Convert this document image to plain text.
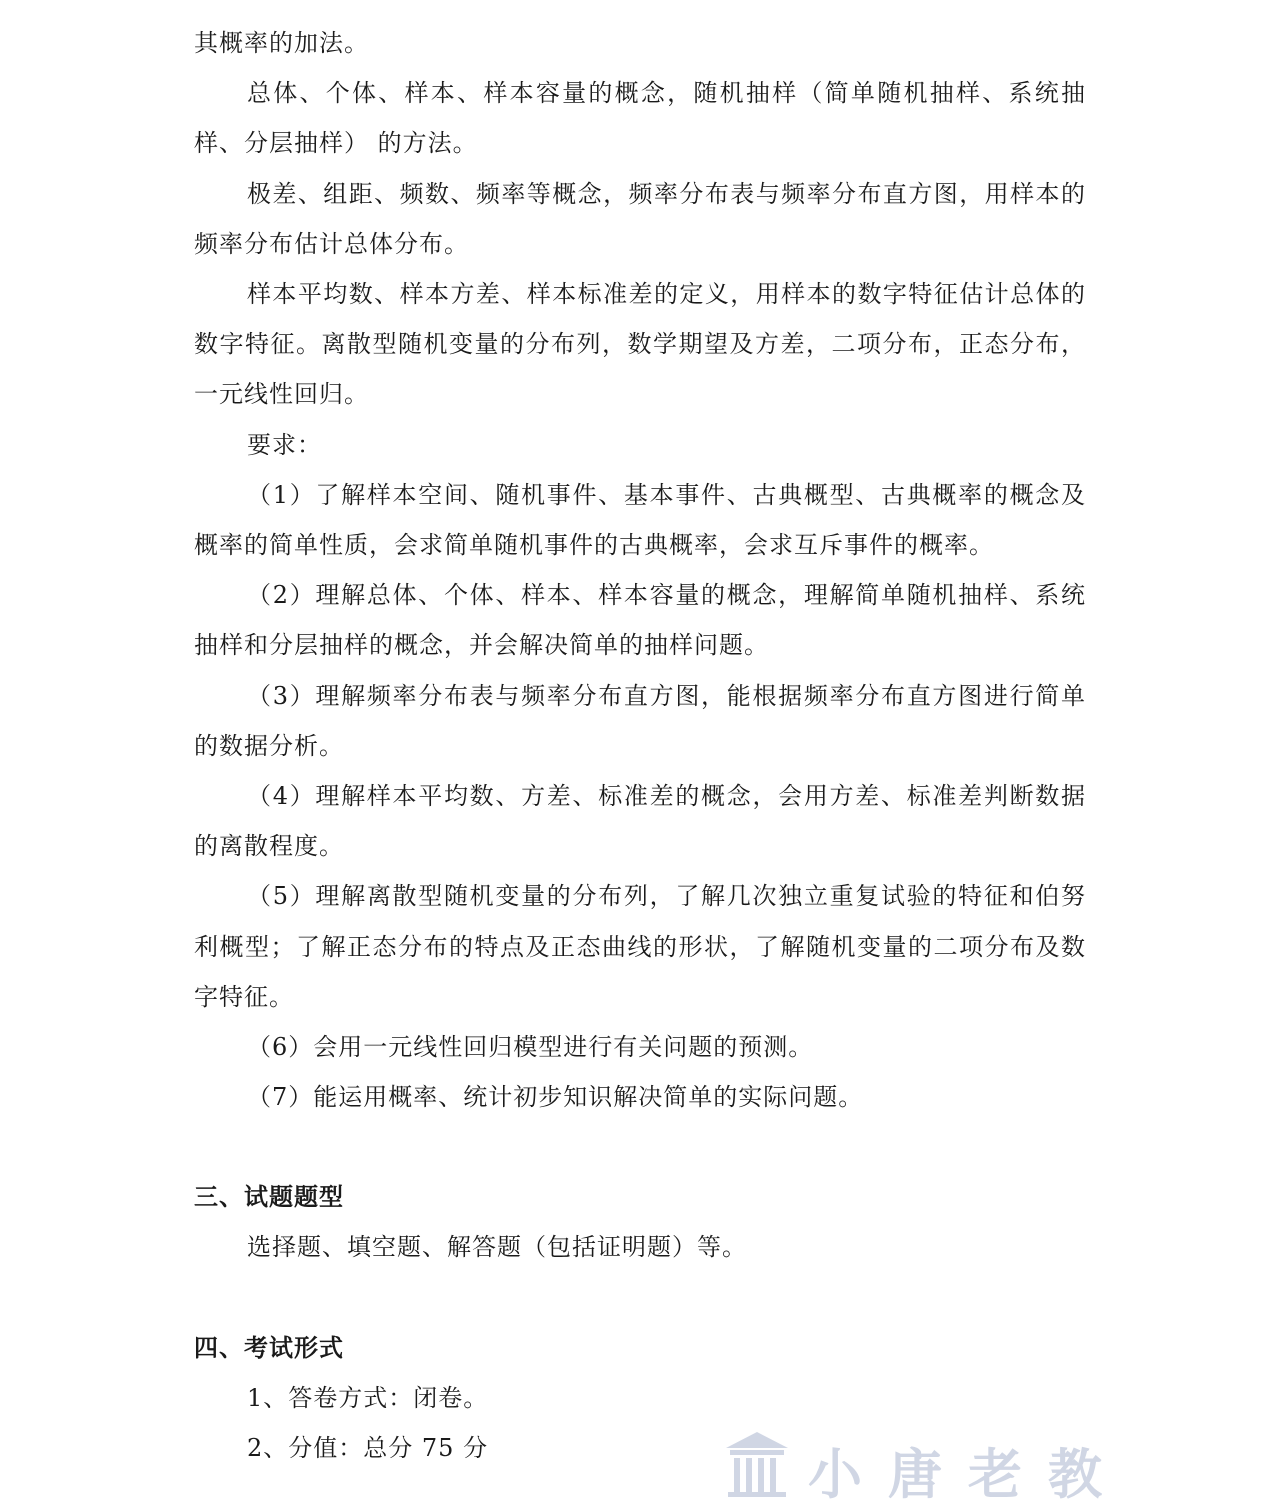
其概率的加法。

总体、个体、样本、样本容量的概念，随机抽样（简单随机抽样、系统抽样、分层抽样） 的方法。

极差、组距、频数、频率等概念，频率分布表与频率分布直方图，用样本的频率分布估计总体分布。

样本平均数、样本方差、样本标准差的定义，用样本的数字特征估计总体的数字特征。离散型随机变量的分布列，数学期望及方差，二项分布，正态分布，一元线性回归。

要求：

（1）了解样本空间、随机事件、基本事件、古典概型、古典概率的概念及概率的简单性质，会求简单随机事件的古典概率，会求互斥事件的概率。

（2）理解总体、个体、样本、样本容量的概念，理解简单随机抽样、系统抽样和分层抽样的概念，并会解决简单的抽样问题。

（3）理解频率分布表与频率分布直方图，能根据频率分布直方图进行简单的数据分析。

（4）理解样本平均数、方差、标准差的概念，会用方差、标准差判断数据的离散程度。

（5）理解离散型随机变量的分布列，了解几次独立重复试验的特征和伯努利概型；了解正态分布的特点及正态曲线的形状，了解随机变量的二项分布及数字特征。

（6）会用一元线性回归模型进行有关问题的预测。

（7）能运用概率、统计初步知识解决简单的实际问题。

三、试题题型

选择题、填空题、解答题（包括证明题）等。

四、考试形式

1、答卷方式：闭卷。

2、分值：总分 75 分	小唐老教
